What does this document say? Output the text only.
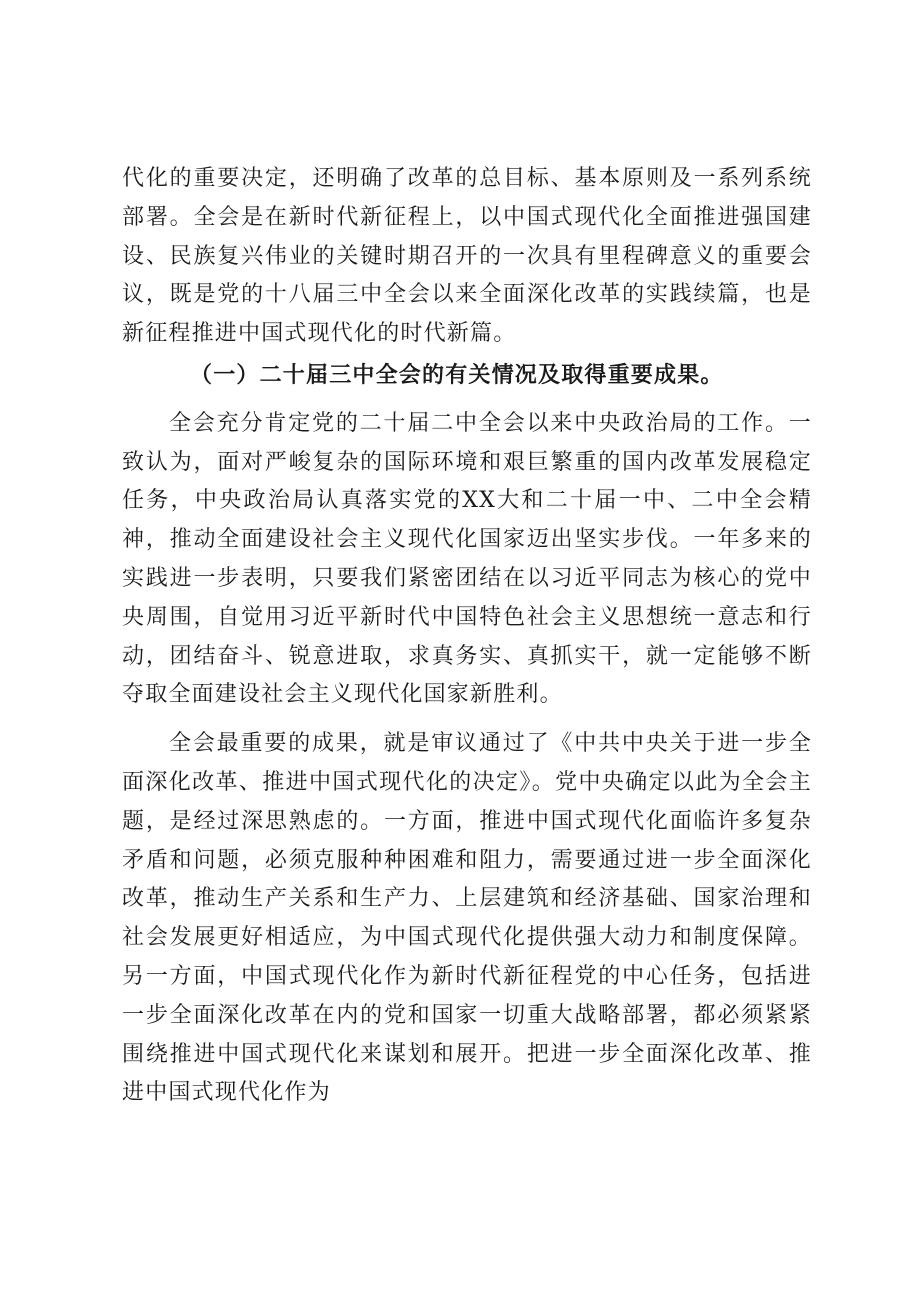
代化的重要决定，还明确了改革的总目标、基本原则及一系列系统部署。全会是在新时代新征程上，以中国式现代化全面推进强国建设、民族复兴伟业的关键时期召开的一次具有里程碑意义的重要会议，既是党的十八届三中全会以来全面深化改革的实践续篇，也是新征程推进中国式现代化的时代新篇。

（一）二十届三中全会的有关情况及取得重要成果。

全会充分肯定党的二十届二中全会以来中央政治局的工作。一致认为，面对严峻复杂的国际环境和艰巨繁重的国内改革发展稳定任务，中央政治局认真落实党的XX大和二十届一中、二中全会精神，推动全面建设社会主义现代化国家迈出坚实步伐。一年多来的实践进一步表明，只要我们紧密团结在以习近平同志为核心的党中央周围，自觉用习近平新时代中国特色社会主义思想统一意志和行动，团结奋斗、锐意进取，求真务实、真抓实干，就一定能够不断夺取全面建设社会主义现代化国家新胜利。

全会最重要的成果，就是审议通过了《中共中央关于进一步全面深化改革、推进中国式现代化的决定》。党中央确定以此为全会主题，是经过深思熟虑的。一方面，推进中国式现代化面临许多复杂矛盾和问题，必须克服种种困难和阻力，需要通过进一步全面深化改革，推动生产关系和生产力、上层建筑和经济基础、国家治理和社会发展更好相适应，为中国式现代化提供强大动力和制度保障。另一方面，中国式现代化作为新时代新征程党的中心任务，包括进一步全面深化改革在内的党和国家一切重大战略部署，都必须紧紧围绕推进中国式现代化来谋划和展开。把进一步全面深化改革、推进中国式现代化作为
